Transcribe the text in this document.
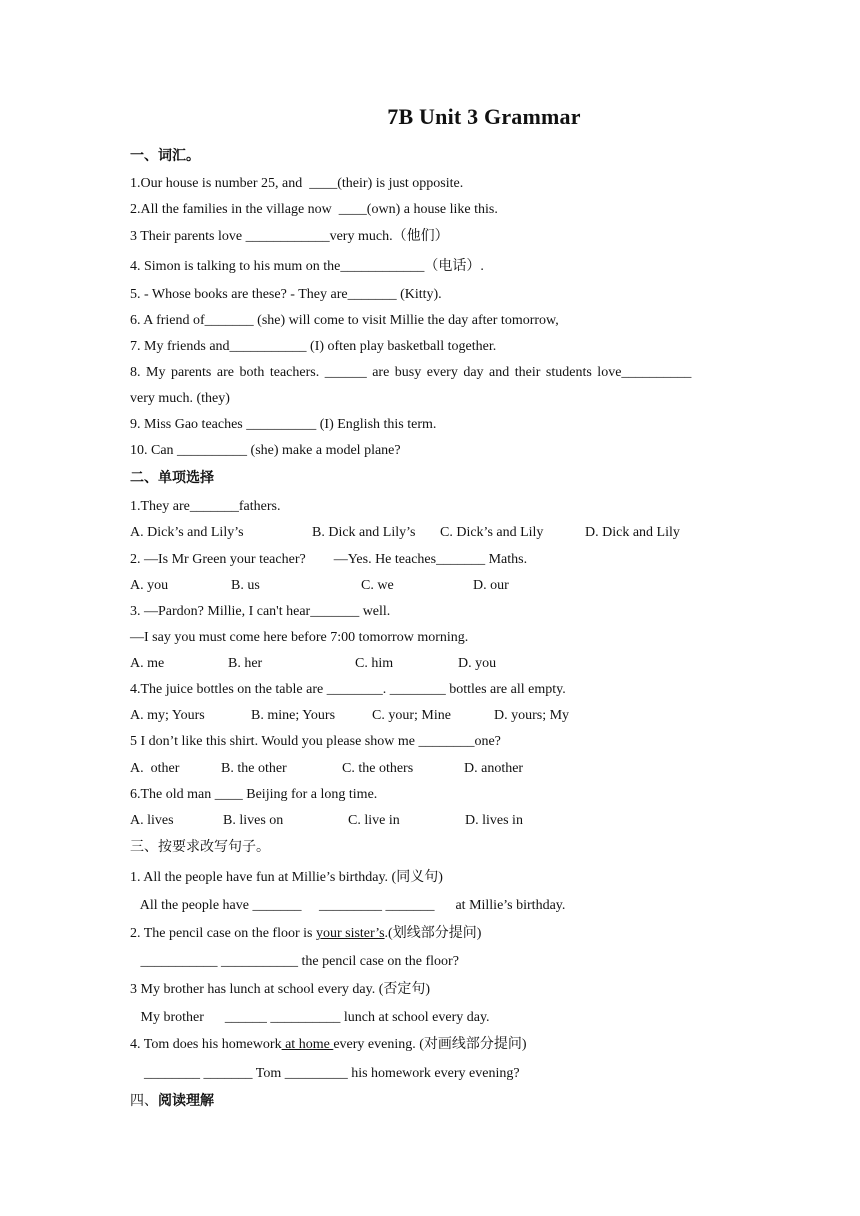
7B Unit 3 Grammar
一、词汇。
1.Our house is number 25, and  ____(their) is just opposite.
2.All the families in the village now  ____(own) a house like this.
3 Their parents love ____________very much.（他们）
4. Simon is talking to his mum on the____________（电话）.
5. - Whose books are these? - They are_______ (Kitty).
6. A friend of_______ (she) will come to visit Millie the day after tomorrow,
7. My friends and___________ (I) often play basketball together.
8. My parents are both teachers. ______ are busy every day and their students love__________
very much. (they)
9. Miss Gao teaches __________ (I) English this term.
10. Can __________ (she) make a model plane?
二、单项选择
1.They are_______fathers.
A. Dick’s and Lily’s	B. Dick and Lily’s C. Dick’s and Lily	D. Dick and Lily
2. —Is Mr Green your teacher?        —Yes. He teaches_______ Maths.
A. you	B. us	C. we	D. our
3. —Pardon? Millie, I can't hear_______ well.
—I say you must come here before 7:00 tomorrow morning.
A. me	B. her	C. him	D. you
4.The juice bottles on the table are ________. ________ bottles are all empty.
A. my; Yours	B. mine; Yours	C. your; Mine	D. yours; My
5 I don’t like this shirt. Would you please show me ________one?
A.  other	B. the other	C. the others	D. another
6.The old man ____ Beijing for a long time.
A. lives	B. lives on	C. live in	D. lives in
三、按要求改写句子。
1. All the people have fun at Millie’s birthday. (同义句)
All the people have _______     _________ _______      at Millie’s birthday.
2. The pencil case on the floor is your sister’s.(划线部分提问)
___________ ___________ the pencil case on the floor?
3 My brother has lunch at school every day. (否定句)
My brother      ______ __________ lunch at school every day.
4. Tom does his homework at home every evening. (对画线部分提问)
________ _______ Tom _________ his homework every evening?
四、阅读理解
